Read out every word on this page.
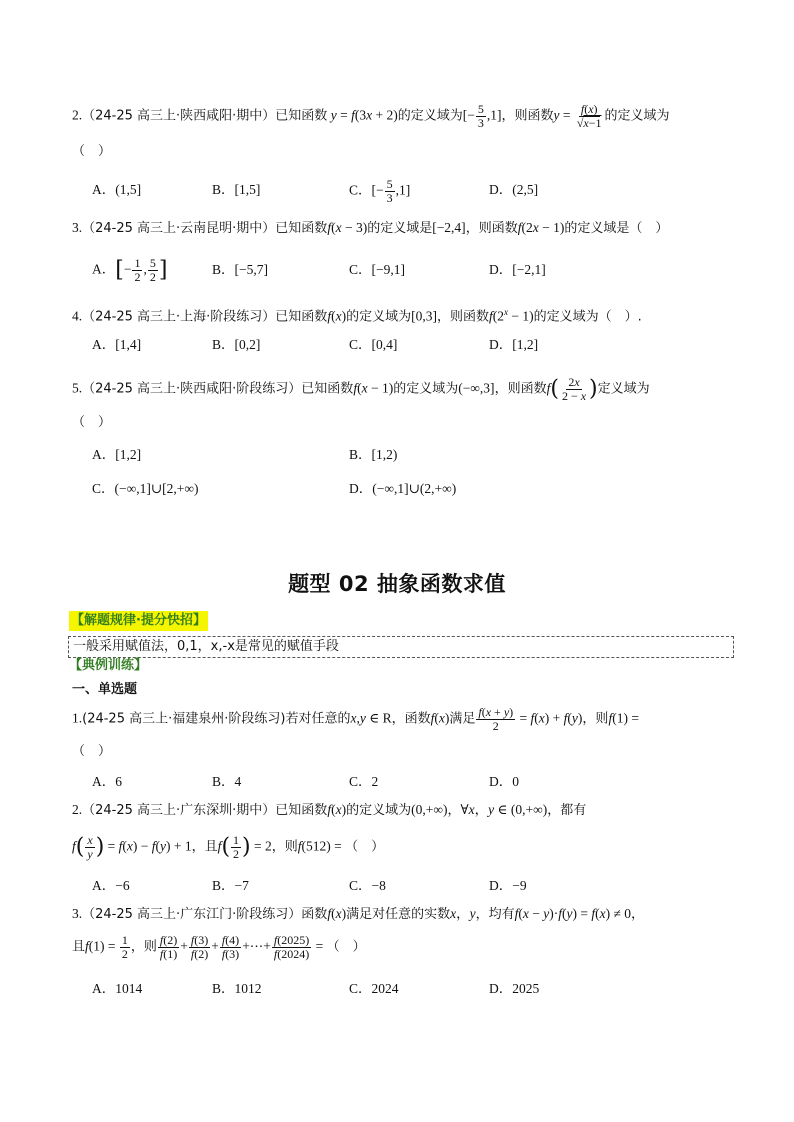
2.（24-25 高三上·陕西咸阳·期中）已知函数 y = f(3x + 2)的定义域为[− $\frac{5}{3} ,1$]，则函数$y = \frac{f(x)}{√x-1}$ 的定义域为
（　）
A．(1,5]	B．[1,5]	C．[− $\frac{5}{3} ,1$]	D．(2,5]
3.（24-25 高三上·云南昆明·期中）已知函数f(x − 3)的定义域是[−2,4]，则函数f(2x − 1)的定义域是（　）
A．[− $\frac{1}{2}$ , $\frac{5}{2}$ ]	B．[−5,7]	C．[−9,1]	D．[−2,1]
4.（24-25 高三上·上海·阶段练习）已知函数f(x)的定义域为[0,3]，则函数$f(2^x - 1)$的定义域为（　）.
A．[1,4]	B．[0,2]	C．[0,4]	D．[1,2]
5.（24-25 高三上·陕西咸阳·阶段练习）已知函数f(x − 1)的定义域为(−∞,3]，则函数$f( \frac{2x}{2 - x}$ )定义域为
（　）
A．[1,2]	B．[1,2)
C．(−∞,1]∪[2,+∞)	D．(−∞,1]∪(2,+∞)
题型 02 抽象函数求值
【解题规律·提分快招】
一般采用赋值法，0,1，x,-x是常见的赋值手段
【典例训练】
一、单选题
1.(24-25 高三上·福建泉州·阶段练习)若对任意的x,y ∈ R，函数f(x)满足 $\frac{f(x + y)}{2} = f(x) + f(y)$，则f(1) =
（　）
A．6	B．4	C．2	D．0
2.（24-25 高三上·广东深圳·期中）已知函数f(x)的定义域为(0,+∞)，∀x，y ∈ (0,+∞)，都有
$f( \frac{x}{y}$ ) = f(x) − f(y) + 1，且$f( \frac{1}{2}$ ) = 2，则f(512) = （　）
A．−6	B．−7	C．−8	D．−9
3.（24-25 高三上·广东江门·阶段练习）函数f(x)满足对任意的实数x，y，均有f(x − y)·f(y) = f(x) ≠ 0，
且$f(1) = \frac{1}{2}$ ，则 $\frac{f(2)}{f(1)} + \frac{f(3)}{f(2)} + \frac{f(4)}{f(3)}$ +⋯+ $\frac{f(2025)}{f(2024)}$ = （　）
A．1014	B．1012	C．2024	D．2025
